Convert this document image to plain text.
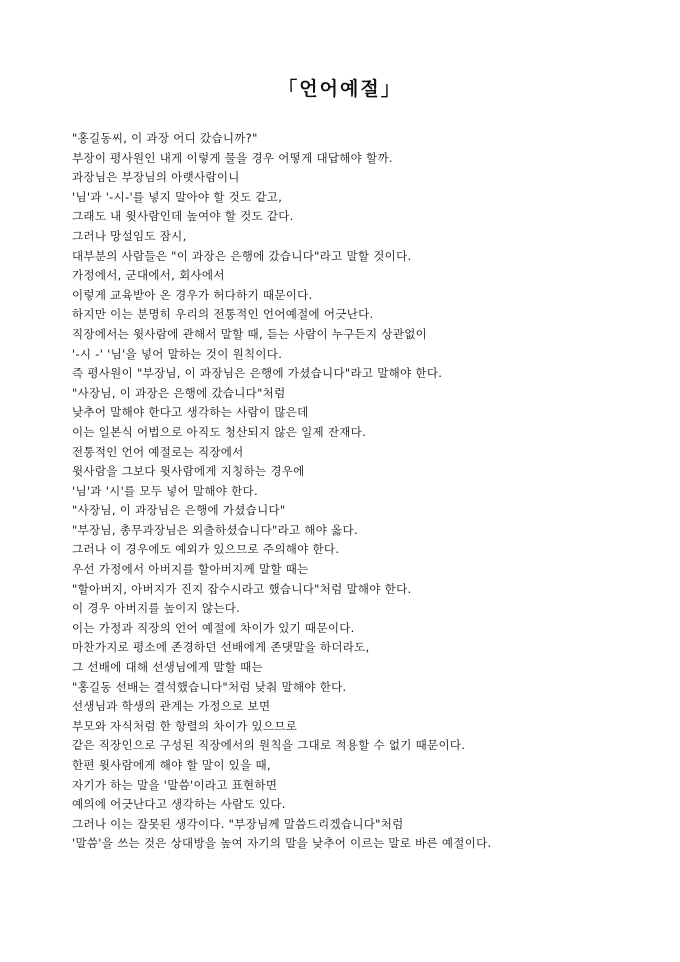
「언어예절」
"홍길동씨, 이 과장 어디 갔습니까?"
부장이 평사원인 내게 이렇게 물을 경우 어떻게 대답해야 할까.
과장님은 부장님의 아랫사람이니
'님'과 '-시-'를 넣지 말아야 할 것도 같고,
그래도 내 윗사람인데 높여야 할 것도 같다.
그러나 망설임도 잠시,
대부분의 사람들은 "이 과장은 은행에 갔습니다"라고 말할 것이다.
가정에서, 군대에서, 회사에서
이렇게 교육받아 온 경우가 허다하기 때문이다.
하지만 이는 분명히 우리의 전통적인 언어예절에 어긋난다.
직장에서는 윗사람에 관해서 말할 때, 듣는 사람이 누구든지 상관없이
'-시 -' '님'을 넣어 말하는 것이 원칙이다.
즉 평사원이 "부장님, 이 과장님은 은행에 가셨습니다"라고 말해야 한다.
"사장님, 이 과장은 은행에 갔습니다"처럼
낮추어 말해야 한다고 생각하는 사람이 많은데
이는 일본식 어법으로 아직도 청산되지 않은 일제 잔재다.
전통적인 언어 예절로는 직장에서
윗사람을 그보다 윗사람에게 지칭하는 경우에
'님'과 '시'를 모두 넣어 말해야 한다.
"사장님, 이 과장님은 은행에 가셨습니다"
"부장님, 총무과장님은 외출하셨습니다"라고 해야 옳다.
그러나 이 경우에도 예외가 있으므로 주의해야 한다.
우선 가정에서 아버지를 할아버지께 말할 때는
"할아버지, 아버지가 진지 잡수시라고 했습니다"처럼 말해야 한다.
이 경우 아버지를 높이지 않는다.
이는 가정과 직장의 언어 예절에 차이가 있기 때문이다.
마찬가지로 평소에 존경하던 선배에게 존댓말을 하더라도,
그 선배에 대해 선생님에게 말할 때는
"홍길동 선배는 결석했습니다"처럼 낮춰 말해야 한다.
선생님과 학생의 관계는 가정으로 보면
부모와 자식처럼 한 항렬의 차이가 있으므로
같은 직장인으로 구성된 직장에서의 원칙을 그대로 적용할 수 없기 때문이다.
한편 윗사람에게 해야 할 말이 있을 때,
자기가 하는 말을 '말씀'이라고 표현하면
예의에 어긋난다고 생각하는 사람도 있다.
그러나 이는 잘못된 생각이다. "부장님께 말씀드리겠습니다"처럼
'말씀'을 쓰는 것은 상대방을 높여 자기의 말을 낮추어 이르는 말로 바른 예절이다.
